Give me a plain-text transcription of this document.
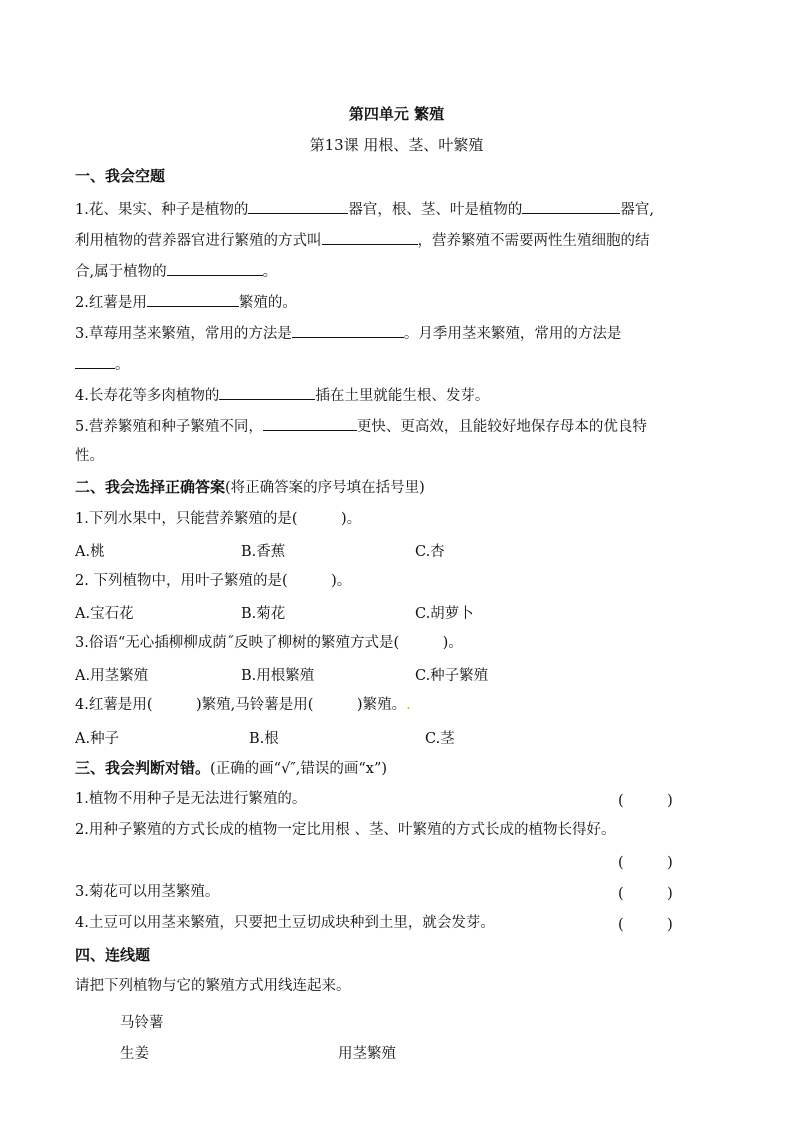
第四单元 繁殖
第13课 用根、茎、叶繁殖
一、我会空题
1.花、果实、种子是植物的	器官，根、茎、叶是植物的	器官,
利用植物的营养器官进行繁殖的方式叫	，营养繁殖不需要两性生殖细胞的结
合,属于植物的	。
2.红薯是用	繁殖的。
3.草莓用茎来繁殖，常用的方法是	。月季用茎来繁殖，常用的方法是
。
4.长寿花等多肉植物的	插在土里就能生根、发芽。
5.营养繁殖和种子繁殖不同，	更快、更高效，且能较好地保存母本的优良特
性。
二、我会选择正确答案(将正确答案的序号填在括号里)
1.下列水果中，只能营养繁殖的是(　　　)。
A.桃	B.香蕉	C.杏
2. 下列植物中，用叶子繁殖的是(　　　)。
A.宝石花	B.菊花	C.胡萝卜
3.俗语“无心插柳柳成荫˝反映了柳树的繁殖方式是(　　　)。
A.用茎繁殖	B.用根繁殖	C.种子繁殖
4.红薯是用(　　　)繁殖,马铃薯是用(　　　)繁殖。.
A.种子	B.根	C.茎
三、我会判断对错。(正确的画“√″,错误的画“x”)
1.植物不用种子是无法进行繁殖的。	(　　　)
2.用种子繁殖的方式长成的植物一定比用根 、茎、叶繁殖的方式长成的植物长得好。
(　　　)
3.菊花可以用茎繁殖。	(　　　)
4.土豆可以用茎来繁殖，只要把土豆切成块种到土里，就会发芽。	(　　　)
四、连线题
请把下列植物与它的繁殖方式用线连起来。
马铃薯
生姜	用茎繁殖
